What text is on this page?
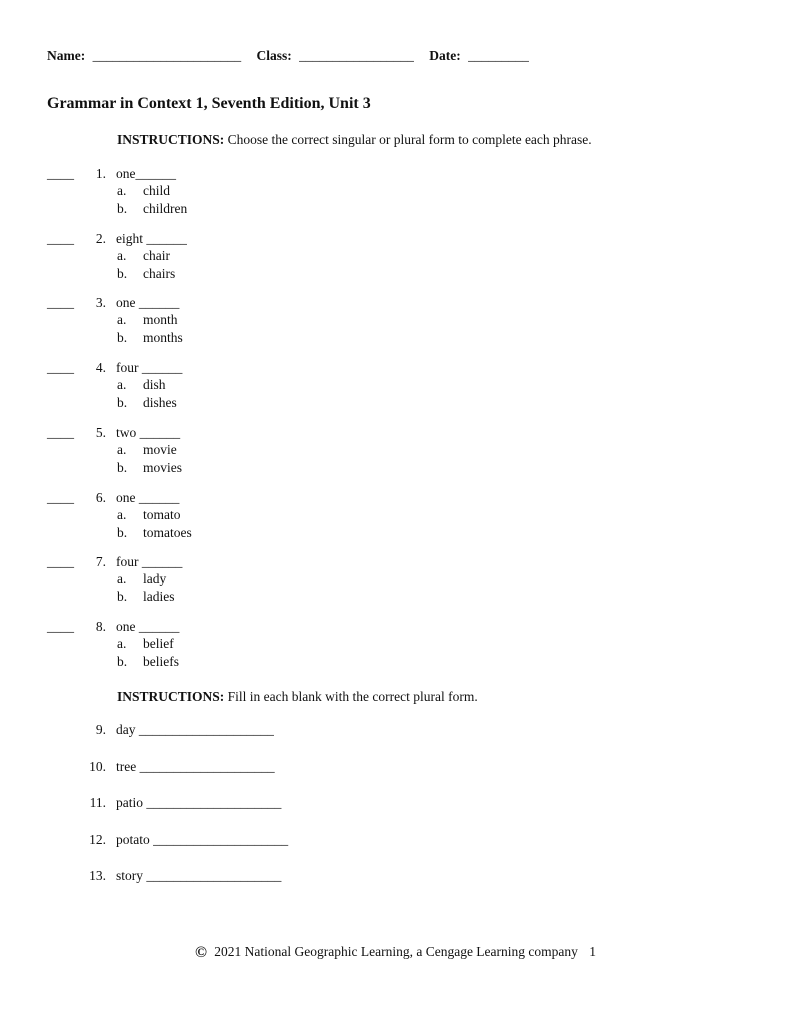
Name: ______________________ Class: _________________ Date: _________
Grammar in Context 1, Seventh Edition, Unit 3
INSTRUCTIONS: Choose the correct singular or plural form to complete each phrase.
____	1. one______
a. child
b. children
____	2. eight ______
a. chair
b. chairs
____	3. one ______
a. month
b. months
____	4. four ______
a. dish
b. dishes
____	5. two ______
a. movie
b. movies
____	6. one ______
a. tomato
b. tomatoes
____	7. four ______
a. lady
b. ladies
____	8. one ______
a. belief
b. beliefs
INSTRUCTIONS: Fill in each blank with the correct plural form.
9. day ____________________
10. tree ____________________
11. patio ____________________
12. potato ____________________
13. story ____________________
© 2021 National Geographic Learning, a Cengage Learning company 1
